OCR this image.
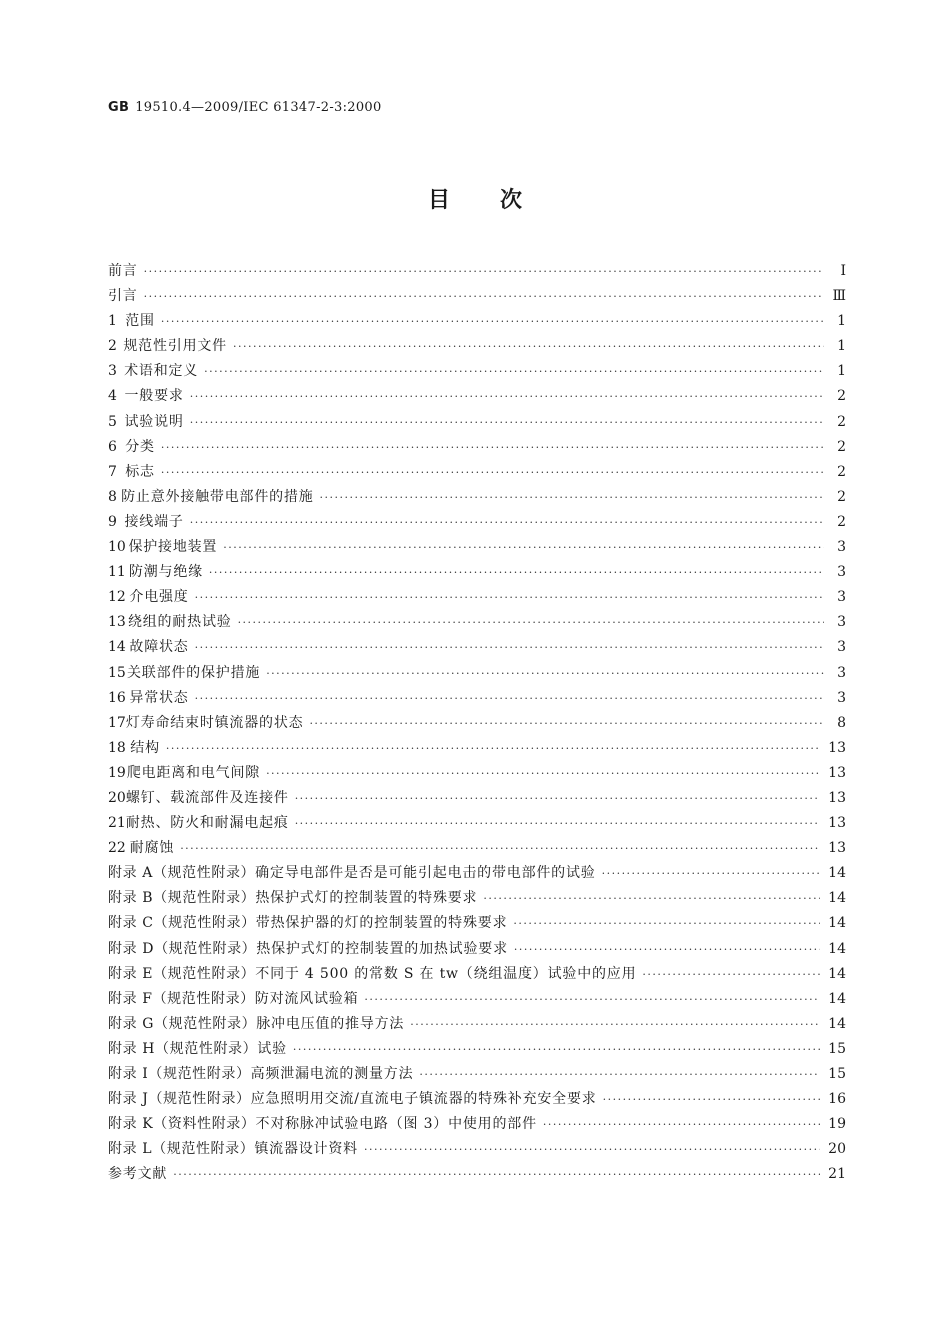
GB 19510.4—2009/IEC 61347-2-3:2000
目次
前言 ·····	Ⅰ
引言 ·····	Ⅲ
1 范围 ·····	1
2 规范性引用文件 ·····	1
3 术语和定义 ·····	1
4 一般要求 ·····	2
5 试验说明 ·····	2
6 分类 ·····	2
7 标志 ·····	2
8 防止意外接触带电部件的措施 ·····	2
9 接线端子 ·····	2
10 保护接地装置 ·····	3
11 防潮与绝缘 ·····	3
12 介电强度 ·····	3
13 绕组的耐热试验 ·····	3
14 故障状态 ·····	3
15 关联部件的保护措施 ·····	3
16 异常状态 ·····	3
17 灯寿命结束时镇流器的状态 ·····	8
18 结构 ·····	13
19 爬电距离和电气间隙 ·····	13
20 螺钉、载流部件及连接件 ·····	13
21 耐热、防火和耐漏电起痕 ·····	13
22 耐腐蚀 ·····	13
附录 A（规范性附录） 确定导电部件是否是可能引起电击的带电部件的试验 ·····	14
附录 B（规范性附录） 热保护式灯的控制装置的特殊要求 ·····	14
附录 C（规范性附录） 带热保护器的灯的控制装置的特殊要求 ·····	14
附录 D（规范性附录） 热保护式灯的控制装置的加热试验要求 ·····	14
附录 E（规范性附录） 不同于 4 500 的常数 S 在 tw（绕组温度）试验中的应用 ·····	14
附录 F（规范性附录） 防对流风试验箱 ·····	14
附录 G（规范性附录） 脉冲电压值的推导方法 ·····	14
附录 H（规范性附录） 试验 ·····	15
附录 I（规范性附录） 高频泄漏电流的测量方法 ·····	15
附录 J（规范性附录） 应急照明用交流/直流电子镇流器的特殊补充安全要求 ·····	16
附录 K（资料性附录） 不对称脉冲试验电路（图 3）中使用的部件 ·····	19
附录 L（规范性附录） 镇流器设计资料 ·····	20
参考文献 ·····	21
